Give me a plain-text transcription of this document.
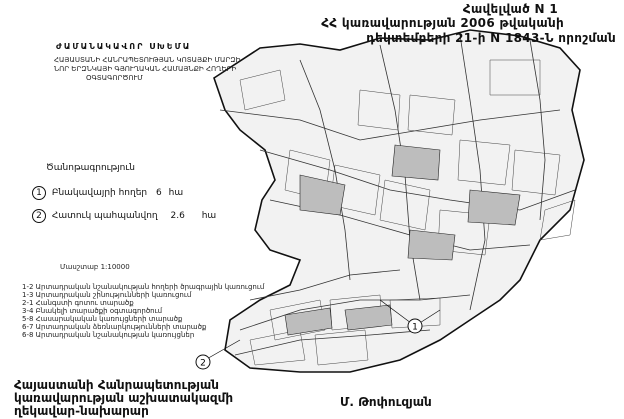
1
2
Հավելված N 1
ՀՀ կառավարության 2006 թվականի
դեկտեմբերի 21-ի N 1843-Ն որոշման
ԺԱՄԱՆԱԿԱՎՈՐ ՍԽԵՄԱ
ՀԱՅԱՍՏԱՆԻ ՀԱՆՐԱՊԵՏՈՒԹՅԱՆ ԿՈՏԱՅՔԻ ՄԱՐԶԻ
ՆՈՐ ԵՐԶՆԿԱՅԻ ԳՅՈՒՂԱԿԱՆ ՀԱՄԱՅՆՔԻ ՀՈՂԵՐԻ
ՕԳՏԱԳՈՐԾՈՒՄ
Ծանոթագրություն
1 Բնակավայրի հողեր 6 հա
2 Հատուկ պահպանվող 2.6 հա
Մասշտաբ 1:10000
1-2 Արտադրական նշանակության հողերի ծրագրային կառուցում
1-3 Արտադրական շինությունների կառուցում
2-1 Հանգստի գոտու տարածք
3-4 Բնակելի տարածքի օգտագործում
5-8 Հասարակական կառույցների տարածք
6-7 Արտադրական ձեռնարկությունների տարածք
6-8 Արտադրական նշանակության կառույցներ
Հայաստանի Հանրապետության
կառավարության աշխատակազմի
ղեկավար-նախարար
Մ. Թոփուզյան
